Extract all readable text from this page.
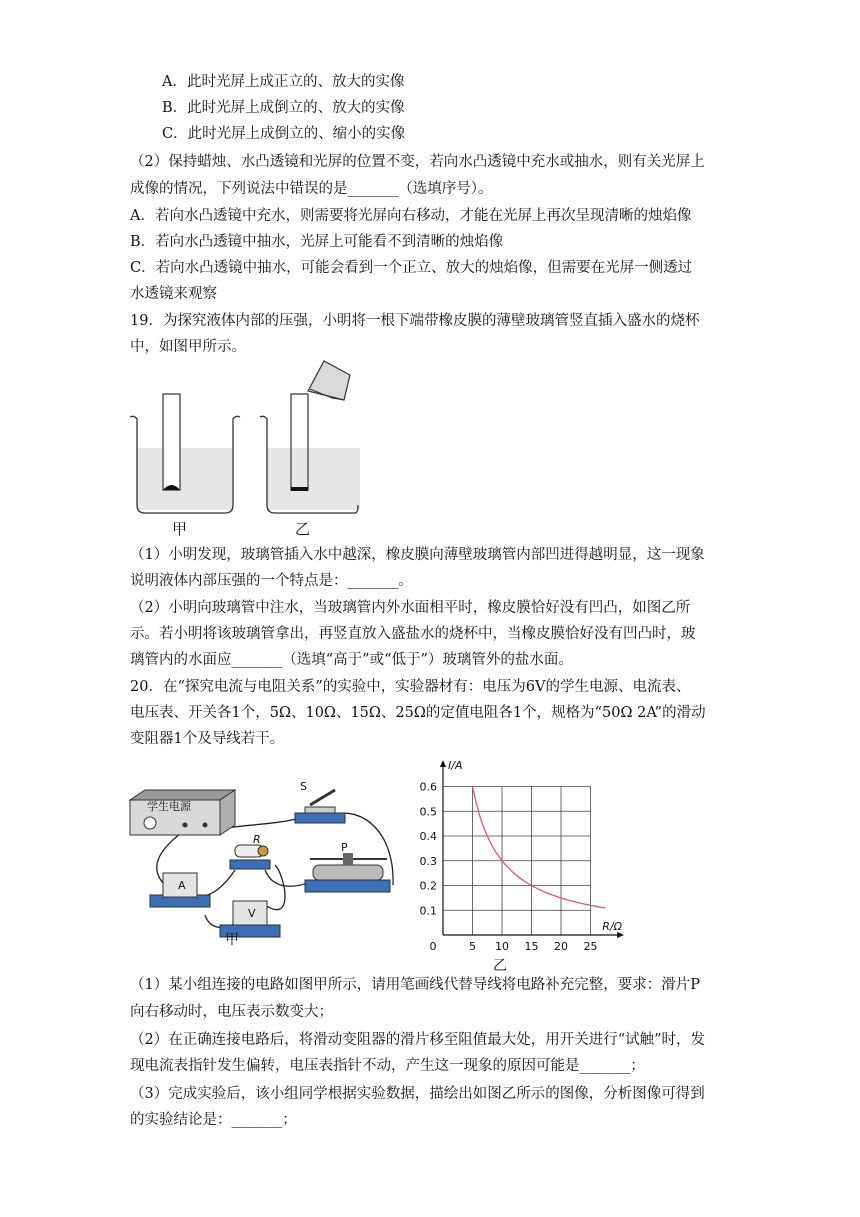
A．此时光屏上成正立的、放大的实像
B．此时光屏上成倒立的、放大的实像
C．此时光屏上成倒立的、缩小的实像
（2）保持蜡烛、水凸透镜和光屏的位置不变，若向水凸透镜中充水或抽水，则有关光屏上
成像的情况，下列说法中错误的是_______（选填序号）。
A．若向水凸透镜中充水，则需要将光屏向右移动，才能在光屏上再次呈现清晰的烛焰像
B．若向水凸透镜中抽水，光屏上可能看不到清晰的烛焰像
C．若向水凸透镜中抽水，可能会看到一个正立、放大的烛焰像，但需要在光屏一侧透过
水透镜来观察
19．为探究液体内部的压强，小明将一根下端带橡皮膜的薄壁玻璃管竖直插入盛水的烧杯
中，如图甲所示。
（1）小明发现，玻璃管插入水中越深，橡皮膜向薄壁玻璃管内部凹进得越明显，这一现象
说明液体内部压强的一个特点是：_______。
（2）小明向玻璃管中注水，当玻璃管内外水面相平时，橡皮膜恰好没有凹凸，如图乙所
示。若小明将该玻璃管拿出，再竖直放入盛盐水的烧杯中，当橡皮膜恰好没有凹凸时，玻
璃管内的水面应_______（选填“高于”或“低于”）玻璃管外的盐水面。
20．在“探究电流与电阻关系”的实验中，实验器材有：电压为6V的学生电源、电流表、
电压表、开关各1个，5Ω、10Ω、15Ω、25Ω的定值电阻各1个，规格为“50Ω 2A”的滑动
变阻器1个及导线若干。
（1）某小组连接的电路如图甲所示，请用笔画线代替导线将电路补充完整，要求：滑片P
向右移动时，电压表示数变大；
（2）在正确连接电路后，将滑动变阻器的滑片移至阻值最大处，用开关进行“试触”时，发
现电流表指针发生偏转，电压表指针不动，产生这一现象的原因可能是_______；
（3）完成实验后，该小组同学根据实验数据，描绘出如图乙所示的图像，分析图像可得到
的实验结论是：_______；
甲	乙
学生电源
S
R
A
V
P
甲	5 10 15 20 25
0.1
0.2
0.3
0.4
0.5
0.6
0
I/A
R/Ω
乙
